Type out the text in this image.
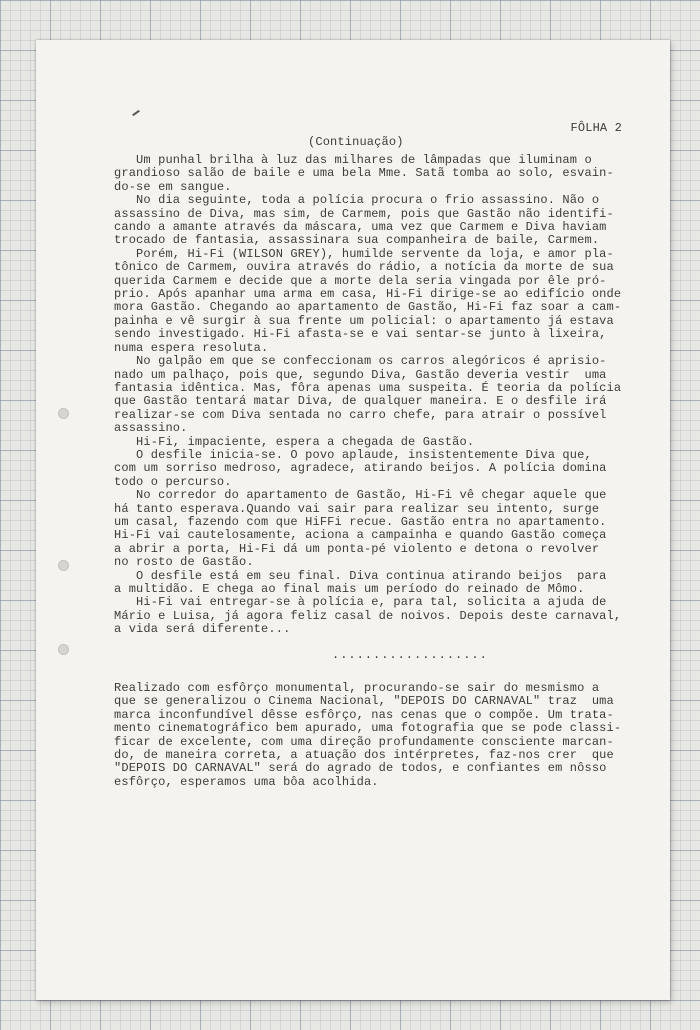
FÔLHA 2
(Continuação)

Um punhal brilha à luz das milhares de lâmpadas que iluminam o

grandioso salão de baile e uma bela Mme. Satã tomba ao solo, esvain-

do-se em sangue.

No dia seguinte, toda a polícia procura o frio assassino. Não o

assassino de Diva, mas sim, de Carmem, pois que Gastão não identifi-

cando a amante através da máscara, uma vez que Carmem e Diva haviam

trocado de fantasia, assassinara sua companheira de baile, Carmem.

Porém, Hi-Fi (WILSON GREY), humilde servente da loja, e amor pla-

tônico de Carmem, ouvira através do rádio, a notícia da morte de sua

querida Carmem e decide que a morte dela seria vingada por êle pró-

prio. Após apanhar uma arma em casa, Hi-Fi dirige-se ao edifício onde

mora Gastão. Chegando ao apartamento de Gastão, Hi-Fi faz soar a cam-

painha e vê surgir à sua frente um policial: o apartamento já estava

sendo investigado. Hi-Fi afasta-se e vai sentar-se junto à lixeira,

numa espera resoluta.

No galpão em que se confeccionam os carros alegóricos é aprisio-

nado um palhaço, pois que, segundo Diva, Gastão deveria vestir  uma

fantasia idêntica. Mas, fôra apenas uma suspeita. É teoria da polícia

que Gastão tentará matar Diva, de qualquer maneira. E o desfile irá

realizar-se com Diva sentada no carro chefe, para atrair o possível

assassino.

Hi-Fi, impaciente, espera a chegada de Gastão.

O desfile inicia-se. O povo aplaude, insistentemente Diva que,

com um sorriso medroso, agradece, atirando beijos. A polícia domina

todo o percurso.

No corredor do apartamento de Gastão, Hi-Fi vê chegar aquele que

há tanto esperava.Quando vai sair para realizar seu intento, surge

um casal, fazendo com que HiFFi recue. Gastão entra no apartamento.

Hi-Fi vai cautelosamente, aciona a campainha e quando Gastão começa

a abrir a porta, Hi-Fi dá um ponta-pé violento e detona o revolver

no rosto de Gastão.

O desfile está em seu final. Diva continua atirando beijos  para

a multidão. E chega ao final mais um período do reinado de Mômo.

Hi-Fi vai entregar-se à polícia e, para tal, solicita a ajuda de

Mário e Luisa, já agora feliz casal de noivos. Depois deste carnaval,

a vida será diferente...

...................

Realizado com esfôrço monumental, procurando-se sair do mesmismo a

que se generalizou o Cinema Nacional, "DEPOIS DO CARNAVAL" traz  uma

marca inconfundível dêsse esfôrço, nas cenas que o compõe. Um trata-

mento cinematográfico bem apurado, uma fotografia que se pode classi-

ficar de excelente, com uma direção profundamente consciente marcan-

do, de maneira correta, a atuação dos intérpretes, faz-nos crer  que

"DEPOIS DO CARNAVAL" será do agrado de todos, e confiantes em nôsso

esfôrço, esperamos uma bôa acolhida.
